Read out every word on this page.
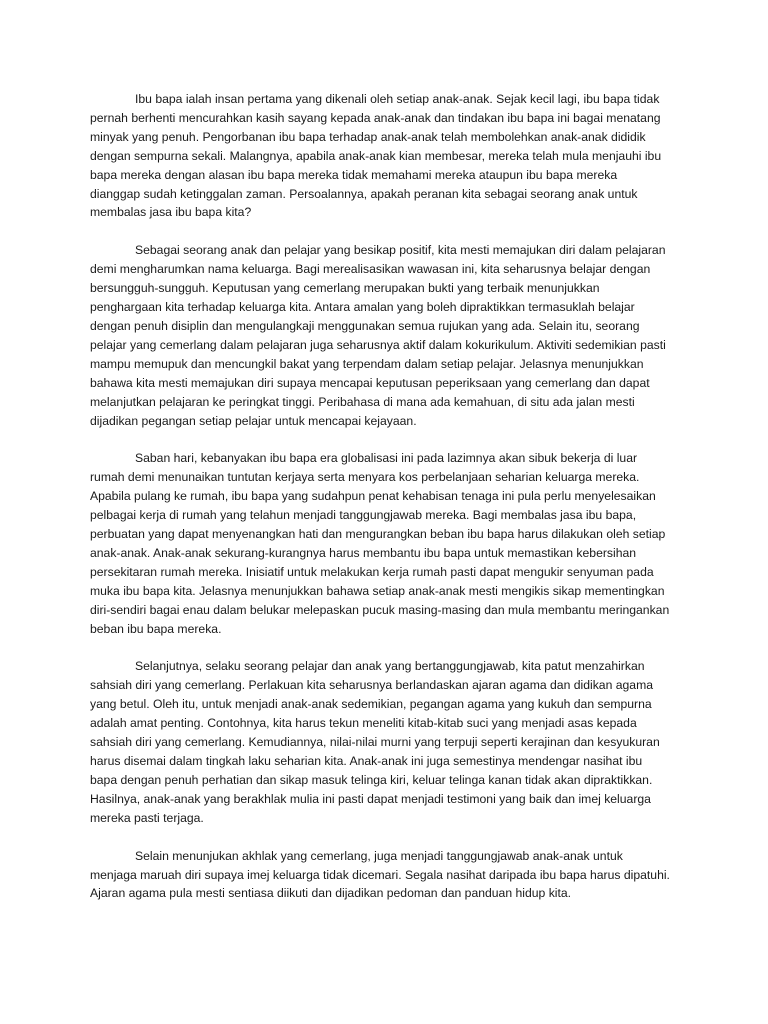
Ibu bapa ialah insan pertama yang dikenali oleh setiap anak-anak. Sejak kecil lagi, ibu bapa tidak pernah berhenti mencurahkan kasih sayang kepada anak-anak dan tindakan ibu bapa ini bagai menatang minyak yang penuh. Pengorbanan ibu bapa terhadap anak-anak telah membolehkan anak-anak dididik dengan sempurna sekali. Malangnya, apabila anak-anak kian membesar, mereka telah mula menjauhi ibu bapa mereka dengan alasan ibu bapa mereka tidak memahami mereka ataupun ibu bapa mereka dianggap sudah ketinggalan zaman. Persoalannya, apakah peranan kita sebagai seorang anak untuk membalas jasa ibu bapa kita?

Sebagai seorang anak dan pelajar yang besikap positif, kita mesti memajukan diri dalam pelajaran demi mengharumkan nama keluarga. Bagi merealisasikan wawasan ini, kita seharusnya belajar dengan bersungguh-sungguh. Keputusan yang cemerlang merupakan bukti yang terbaik menunjukkan penghargaan kita terhadap keluarga kita. Antara amalan yang boleh dipraktikkan termasuklah belajar dengan penuh disiplin dan mengulangkaji menggunakan semua rujukan yang ada. Selain itu, seorang pelajar yang cemerlang dalam pelajaran juga seharusnya aktif dalam kokurikulum. Aktiviti sedemikian pasti mampu memupuk dan mencungkil bakat yang terpendam dalam setiap pelajar. Jelasnya menunjukkan bahawa kita mesti memajukan diri supaya mencapai keputusan peperiksaan yang cemerlang dan dapat melanjutkan pelajaran ke peringkat tinggi. Peribahasa di mana ada kemahuan, di situ ada jalan mesti dijadikan pegangan setiap pelajar untuk mencapai kejayaan.

Saban hari, kebanyakan ibu bapa era globalisasi ini pada lazimnya akan sibuk bekerja di luar rumah demi menunaikan tuntutan kerjaya serta menyara kos perbelanjaan seharian keluarga mereka. Apabila pulang ke rumah, ibu bapa yang sudahpun penat kehabisan tenaga ini pula perlu menyelesaikan pelbagai kerja di rumah yang telahun menjadi tanggungjawab mereka. Bagi membalas jasa ibu bapa, perbuatan yang dapat menyenangkan hati dan mengurangkan beban ibu bapa harus dilakukan oleh setiap anak-anak. Anak-anak sekurang-kurangnya harus membantu ibu bapa untuk memastikan kebersihan persekitaran rumah mereka. Inisiatif untuk melakukan kerja rumah pasti dapat mengukir senyuman pada muka ibu bapa kita. Jelasnya menunjukkan bahawa setiap anak-anak mesti mengikis sikap mementingkan diri-sendiri bagai enau dalam belukar melepaskan pucuk masing-masing dan mula membantu meringankan beban ibu bapa mereka.

Selanjutnya, selaku seorang pelajar dan anak yang bertanggungjawab, kita patut menzahirkan sahsiah diri yang cemerlang. Perlakuan kita seharusnya berlandaskan ajaran agama dan didikan agama yang betul. Oleh itu, untuk menjadi anak-anak sedemikian, pegangan agama yang kukuh dan sempurna adalah amat penting. Contohnya, kita harus tekun meneliti kitab-kitab suci yang menjadi asas kepada sahsiah diri yang cemerlang. Kemudiannya, nilai-nilai murni yang terpuji seperti kerajinan dan kesyukuran harus disemai dalam tingkah laku seharian kita. Anak-anak ini juga semestinya mendengar nasihat ibu bapa dengan penuh perhatian dan sikap masuk telinga kiri, keluar telinga kanan tidak akan dipraktikkan. Hasilnya, anak-anak yang berakhlak mulia ini pasti dapat menjadi testimoni yang baik dan imej keluarga mereka pasti terjaga.

Selain menunjukan akhlak yang cemerlang, juga menjadi tanggungjawab anak-anak untuk menjaga maruah diri supaya imej keluarga tidak dicemari. Segala nasihat daripada ibu bapa harus dipatuhi. Ajaran agama pula mesti sentiasa diikuti dan dijadikan pedoman dan panduan hidup kita.
